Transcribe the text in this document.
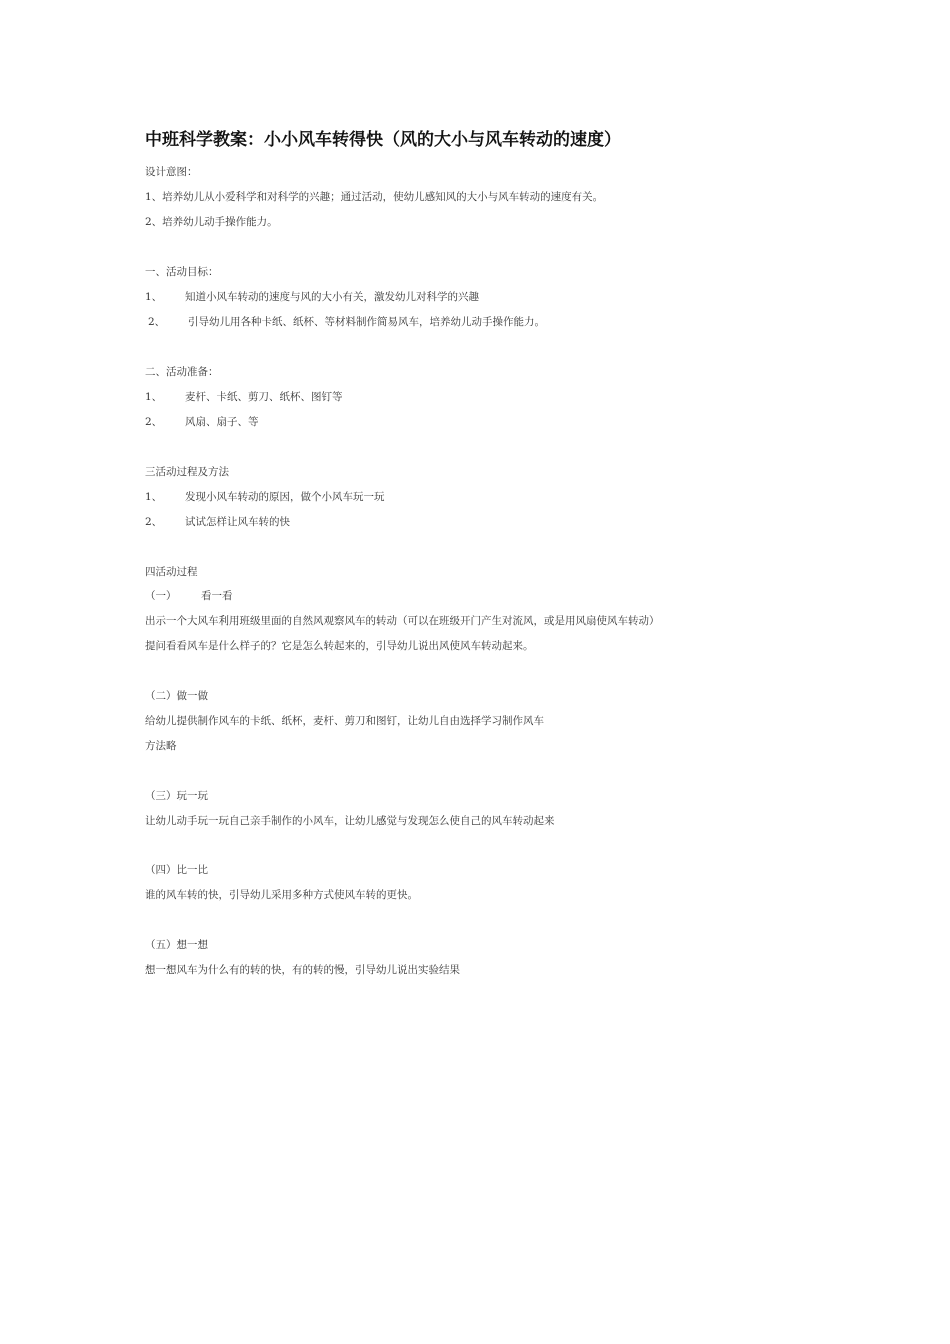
中班科学教案：小小风车转得快（风的大小与风车转动的速度）
设计意图：
1、培养幼儿从小爱科学和对科学的兴趣；通过活动，使幼儿感知风的大小与风车转动的速度有关。
2、培养幼儿动手操作能力。
一、活动目标：
1、 知道小风车转动的速度与风的大小有关，激发幼儿对科学的兴趣
2、 引导幼儿用各种卡纸、纸杯、等材料制作简易风车，培养幼儿动手操作能力。
二、活动准备：
1、 麦杆、卡纸、剪刀、纸杯、图钉等
2、 风扇、扇子、等
三活动过程及方法
1、 发现小风车转动的原因，做个小风车玩一玩
2、 试试怎样让风车转的快
四活动过程
（一） 看一看
出示一个大风车利用班级里面的自然风观察风车的转动（可以在班级开门产生对流风，或是用风扇使风车转动）
提问看看风车是什么样子的？它是怎么转起来的，引导幼儿说出风使风车转动起来。
（二）做一做
给幼儿提供制作风车的卡纸、纸杯，麦杆、剪刀和图钉，让幼儿自由选择学习制作风车
方法略
（三）玩一玩
让幼儿动手玩一玩自己亲手制作的小风车，让幼儿感觉与发现怎么使自己的风车转动起来
（四）比一比
谁的风车转的快，引导幼儿采用多种方式使风车转的更快。
（五）想一想
想一想风车为什么有的转的快，有的转的慢，引导幼儿说出实验结果
